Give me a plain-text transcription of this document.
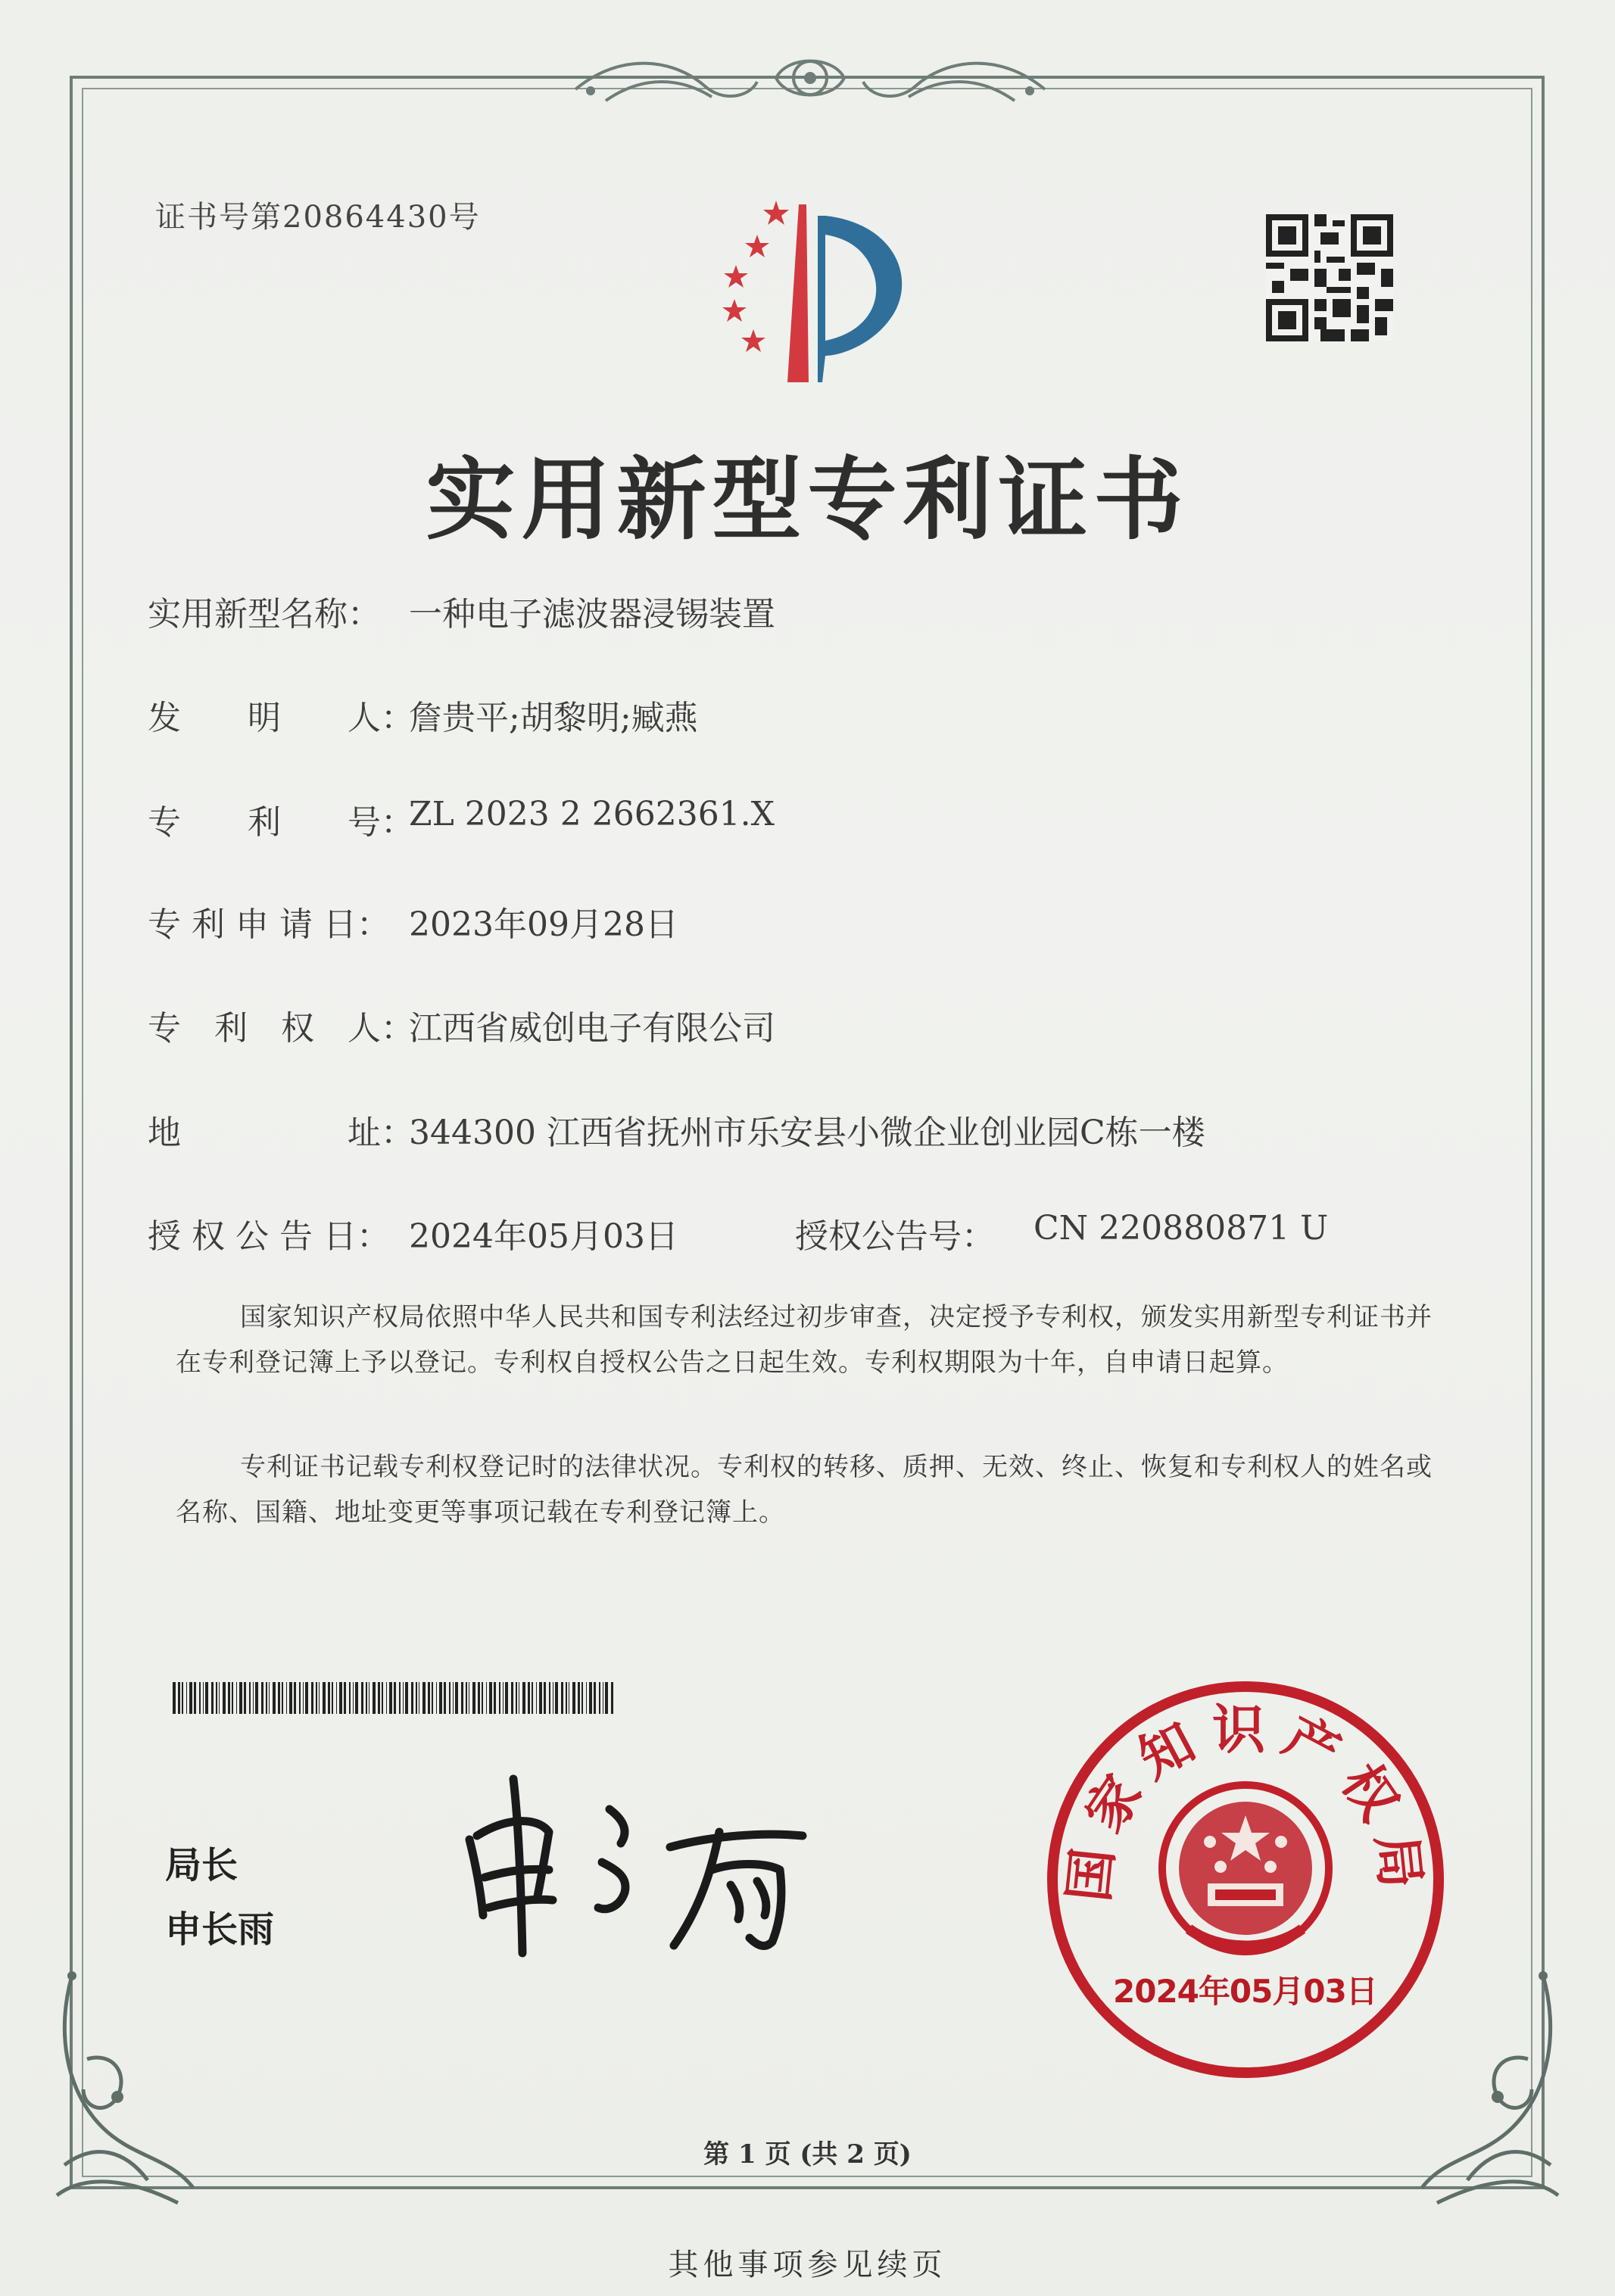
证书号第20864430号
实用新型专利证书
实用新型名称： 一种电子滤波器浸锡装置
发　　明　　人：
詹贵平;胡黎明;臧燕
专　　利　　号：
ZL 2023 2 2662361.X
专 利 申 请 日： 2023年09月28日
专　利　权　人：
江西省威创电子有限公司
地　　　　　址：
344300 江西省抚州市乐安县小微企业创业园C栋一楼
授 权 公 告 日： 2024年05月03日	授权公告号： CN 220880871 U
国家知识产权局依照中华人民共和国专利法经过初步审查，决定授予专利权，颁发实用新型专利证书并在专利登记簿上予以登记。专利权自授权公告之日起生效。专利权期限为十年，自申请日起算。
专利证书记载专利权登记时的法律状况。专利权的转移、质押、无效、终止、恢复和专利权人的姓名或名称、国籍、地址变更等事项记载在专利登记簿上。
局长
申长雨
国家知识产权局
2024年05月03日
第 1 页 (共 2 页)
其他事项参见续页
